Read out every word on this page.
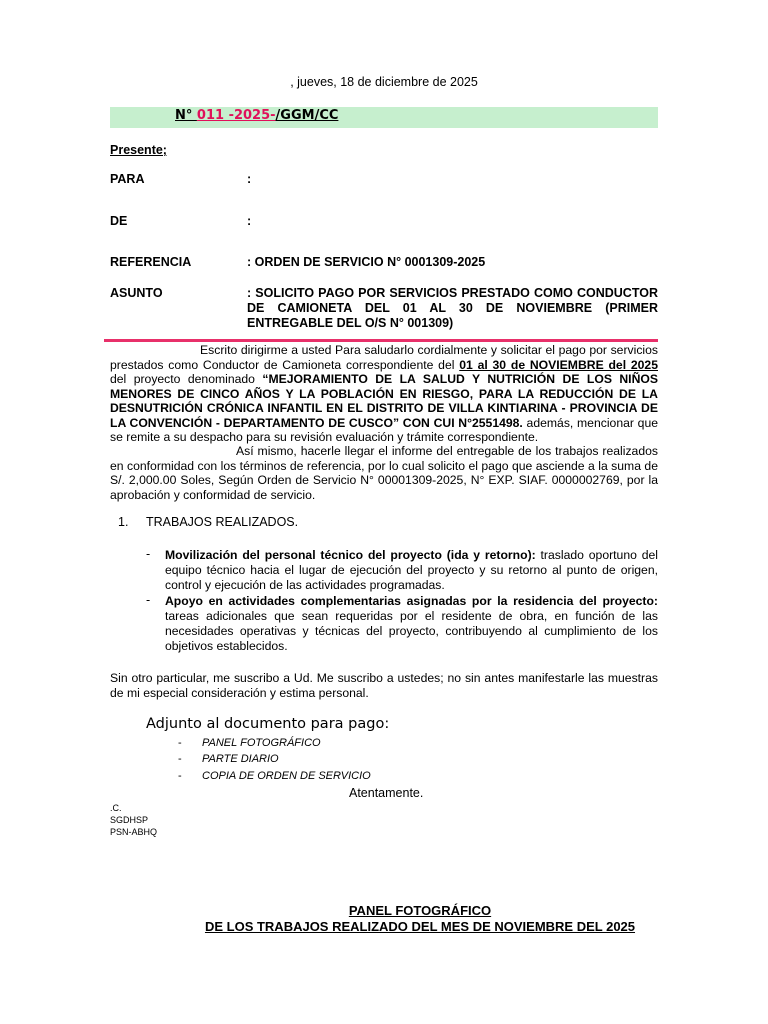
, jueves, 18 de diciembre de 2025
N° 011 -2025-/GGM/CC
Presente;
PARA	:
DE	:
REFERENCIA	: ORDEN DE SERVICIO N° 0001309-2025
ASUNTO	: SOLICITO PAGO POR SERVICIOS PRESTADO COMO CONDUCTOR DE CAMIONETA DEL 01 AL 30 DE NOVIEMBRE (PRIMER ENTREGABLE DEL O/S N° 001309)
Escrito dirigirme a usted Para saludarlo cordialmente y solicitar el pago por servicios prestados como Conductor de Camioneta correspondiente del 01 al 30 de NOVIEMBRE del 2025 del proyecto denominado “MEJORAMIENTO DE LA SALUD Y NUTRICIÓN DE LOS NIÑOS MENORES DE CINCO AÑOS Y LA POBLACIÓN EN RIESGO, PARA LA REDUCCIÓN DE LA DESNUTRICIÓN CRÓNICA INFANTIL EN EL DISTRITO DE VILLA KINTIARINA - PROVINCIA DE LA CONVENCIÓN - DEPARTAMENTO DE CUSCO” CON CUI N°2551498. además, mencionar que se remite a su despacho para su revisión evaluación y trámite correspondiente.
Así mismo, hacerle llegar el informe del entregable de los trabajos realizados en conformidad con los términos de referencia, por lo cual solicito el pago que asciende a la suma de S/. 2,000.00 Soles, Según Orden de Servicio N° 00001309-2025, N° EXP. SIAF. 0000002769, por la aprobación y conformidad de servicio.
1. TRABAJOS REALIZADOS.
- Movilización del personal técnico del proyecto (ida y retorno): traslado oportuno del equipo técnico hacia el lugar de ejecución del proyecto y su retorno al punto de origen, control y ejecución de las actividades programadas.
- Apoyo en actividades complementarias asignadas por la residencia del proyecto: tareas adicionales que sean requeridas por el residente de obra, en función de las necesidades operativas y técnicas del proyecto, contribuyendo al cumplimiento de los objetivos establecidos.
Sin otro particular, me suscribo a Ud. Me suscribo a ustedes; no sin antes manifestarle las muestras de mi especial consideración y estima personal.
Adjunto al documento para pago:
- PANEL FOTOGRÁFICO
- PARTE DIARIO
- COPIA DE ORDEN DE SERVICIO
Atentamente.
.C.
SGDHSP
PSN-ABHQ
PANEL FOTOGRÁFICO
DE LOS TRABAJOS REALIZADO DEL MES DE NOVIEMBRE DEL 2025
